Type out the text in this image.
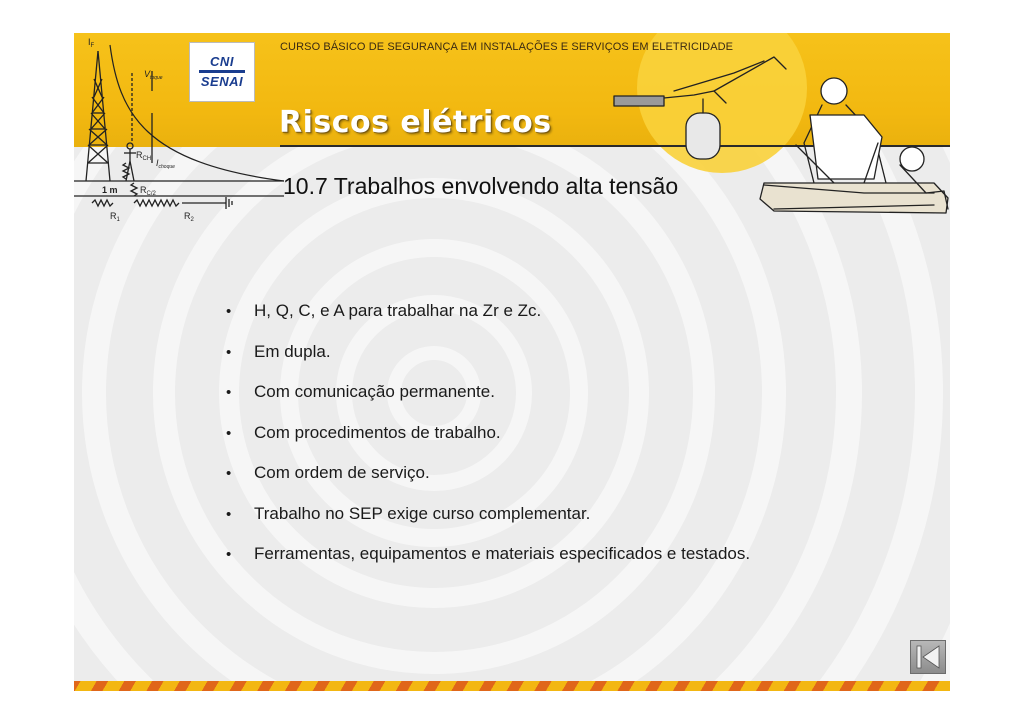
$I_F$
$V_{toque}$
$R_{CH}$ $I_{choque}$
1 m $R_{C/2}$
$R_1$	$R_2$
CNI
SENAI
CURSO BÁSICO DE SEGURANÇA EM INSTALAÇÕES E SERVIÇOS EM ELETRICIDADE
Riscos elétricos
10.7 Trabalhos envolvendo alta tensão
•	H, Q, C, e A para trabalhar na Zr e Zc.
•	Em dupla.
•	Com comunicação permanente.
•	Com procedimentos de trabalho.
•	Com ordem de serviço.
•	Trabalho no SEP exige curso complementar.
•	Ferramentas, equipamentos e materiais especificados e testados.
